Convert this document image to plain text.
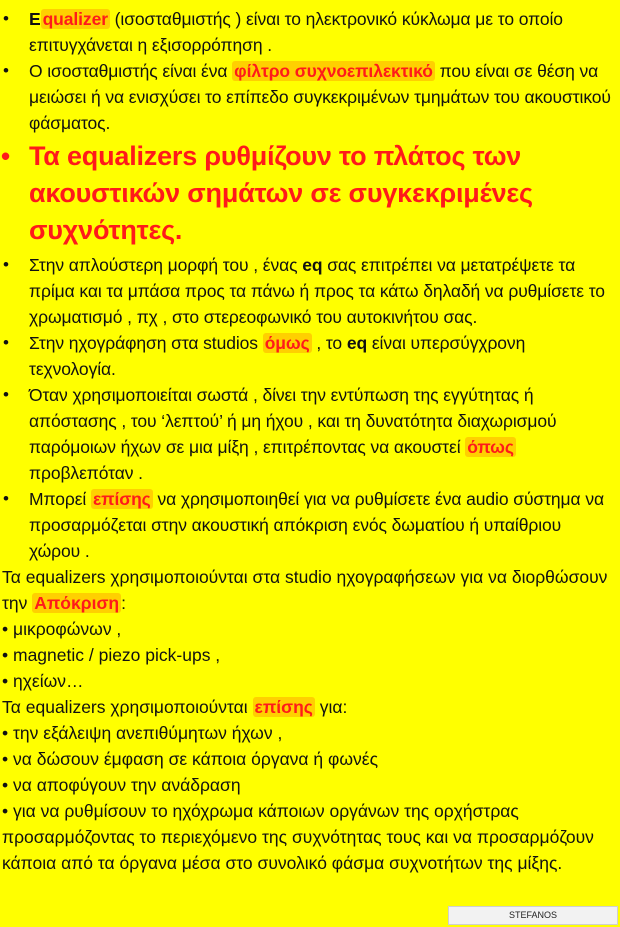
• E qualizer (ισοσταθμιστής ) είναι το ηλεκτρονικό κύκλωμα με το οποίο επιτυγχάνεται η εξισορρόπηση .
• Ο ισοσταθμιστής είναι ένα φίλτρο συχνοεπιλεκτικό που είναι σε θέση να μειώσει ή να ενισχύσει το επίπεδο συγκεκριμένων τμημάτων του ακουστικού φάσματος.
• Τα equalizers ρυθμίζουν το πλάτος των ακουστικών σημάτων σε συγκεκριμένες συχνότητες.
• Στην απλούστερη μορφή του , ένας eq σας επιτρέπει να μετατρέψετε τα πρίμα και τα μπάσα προς τα πάνω ή προς τα κάτω δηλαδή να ρυθμίσετε το χρωματισμό , πχ , στο στερεοφωνικό του αυτοκινήτου σας.
• Στην ηχογράφηση στα studios όμως , το eq είναι υπερσύγχρονη τεχνολογία.
• Όταν χρησιμοποιείται σωστά , δίνει την εντύπωση της εγγύτητας ή απόστασης , του ‘λεπτού’ ή μη ήχου , και τη δυνατότητα διαχωρισμού παρόμοιων ήχων σε μια μίξη , επιτρέποντας να ακουστεί όπως προβλεπόταν .
• Μπορεί επίσης να χρησιμοποιηθεί για να ρυθμίσετε ένα audio σύστημα να προσαρμόζεται στην ακουστική απόκριση ενός δωματίου ή υπαίθριου χώρου .

Τα equalizers χρησιμοποιούνται στα studio ηχογραφήσεων για να διορθώσουν την Απόκριση :

• μικροφώνων ,

• magnetic / piezo pick-ups ,

• ηχείων…

Τα equalizers χρησιμοποιούνται επίσης για:

• την εξάλειψη ανεπιθύμητων ήχων ,

• να δώσουν έμφαση σε κάποια όργανα ή φωνές

• να αποφύγουν την ανάδραση

• για να ρυθμίσουν το ηχόχρωμα κάποιων οργάνων της ορχήστρας προσαρμόζοντας το περιεχόμενο της συχνότητας τους και να προσαρμόζουν κάποια από τα όργανα μέσα στο συνολικό φάσμα συχνοτήτων της μίξης.

STEFANOS
